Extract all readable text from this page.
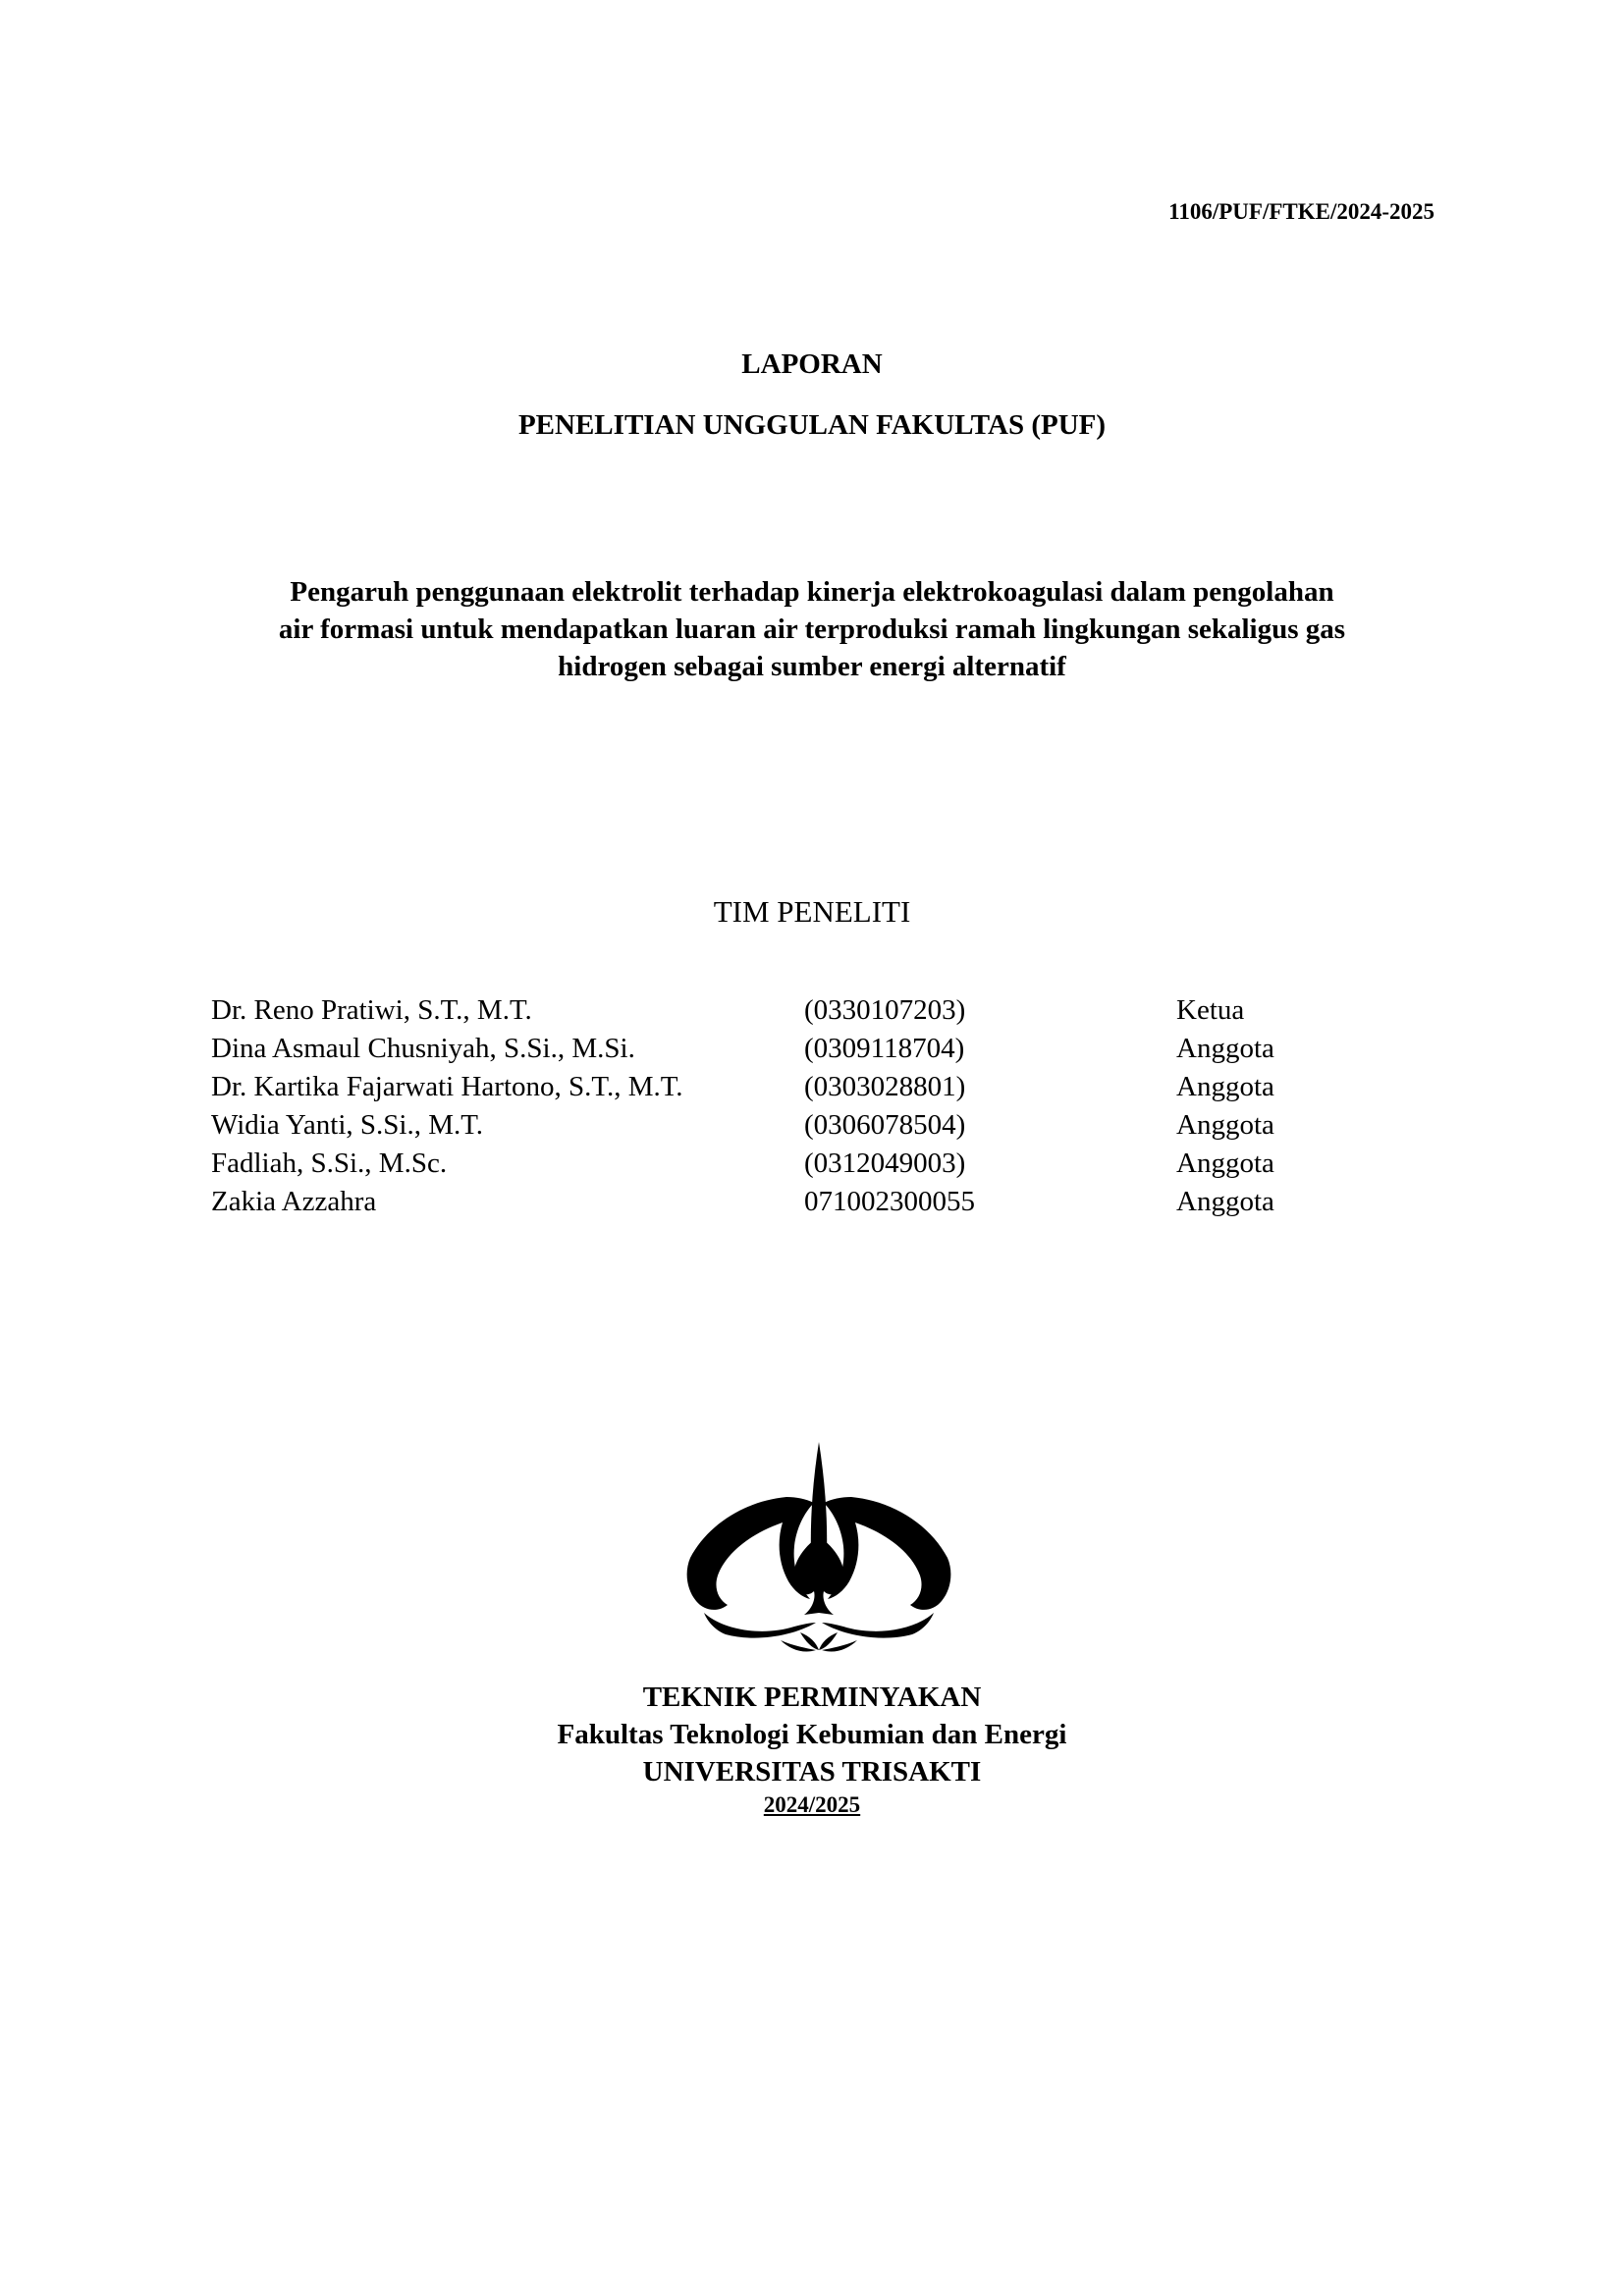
1106/PUF/FTKE/2024-2025
LAPORAN
PENELITIAN UNGGULAN FAKULTAS (PUF)
Pengaruh penggunaan elektrolit terhadap kinerja elektrokoagulasi dalam pengolahan
air formasi untuk mendapatkan luaran air terproduksi ramah lingkungan sekaligus gas
hidrogen sebagai sumber energi alternatif
TIM PENELITI
Dr. Reno Pratiwi, S.T., M.T.	(0330107203)	Ketua
Dina Asmaul Chusniyah, S.Si., M.Si.	(0309118704)	Anggota
Dr. Kartika Fajarwati Hartono, S.T., M.T.	(0303028801)	Anggota
Widia Yanti, S.Si., M.T.	(0306078504)	Anggota
Fadliah, S.Si., M.Sc.	(0312049003)	Anggota
Zakia Azzahra	071002300055	Anggota
TEKNIK PERMINYAKAN
Fakultas Teknologi Kebumian dan Energi
UNIVERSITAS TRISAKTI
2024/2025
